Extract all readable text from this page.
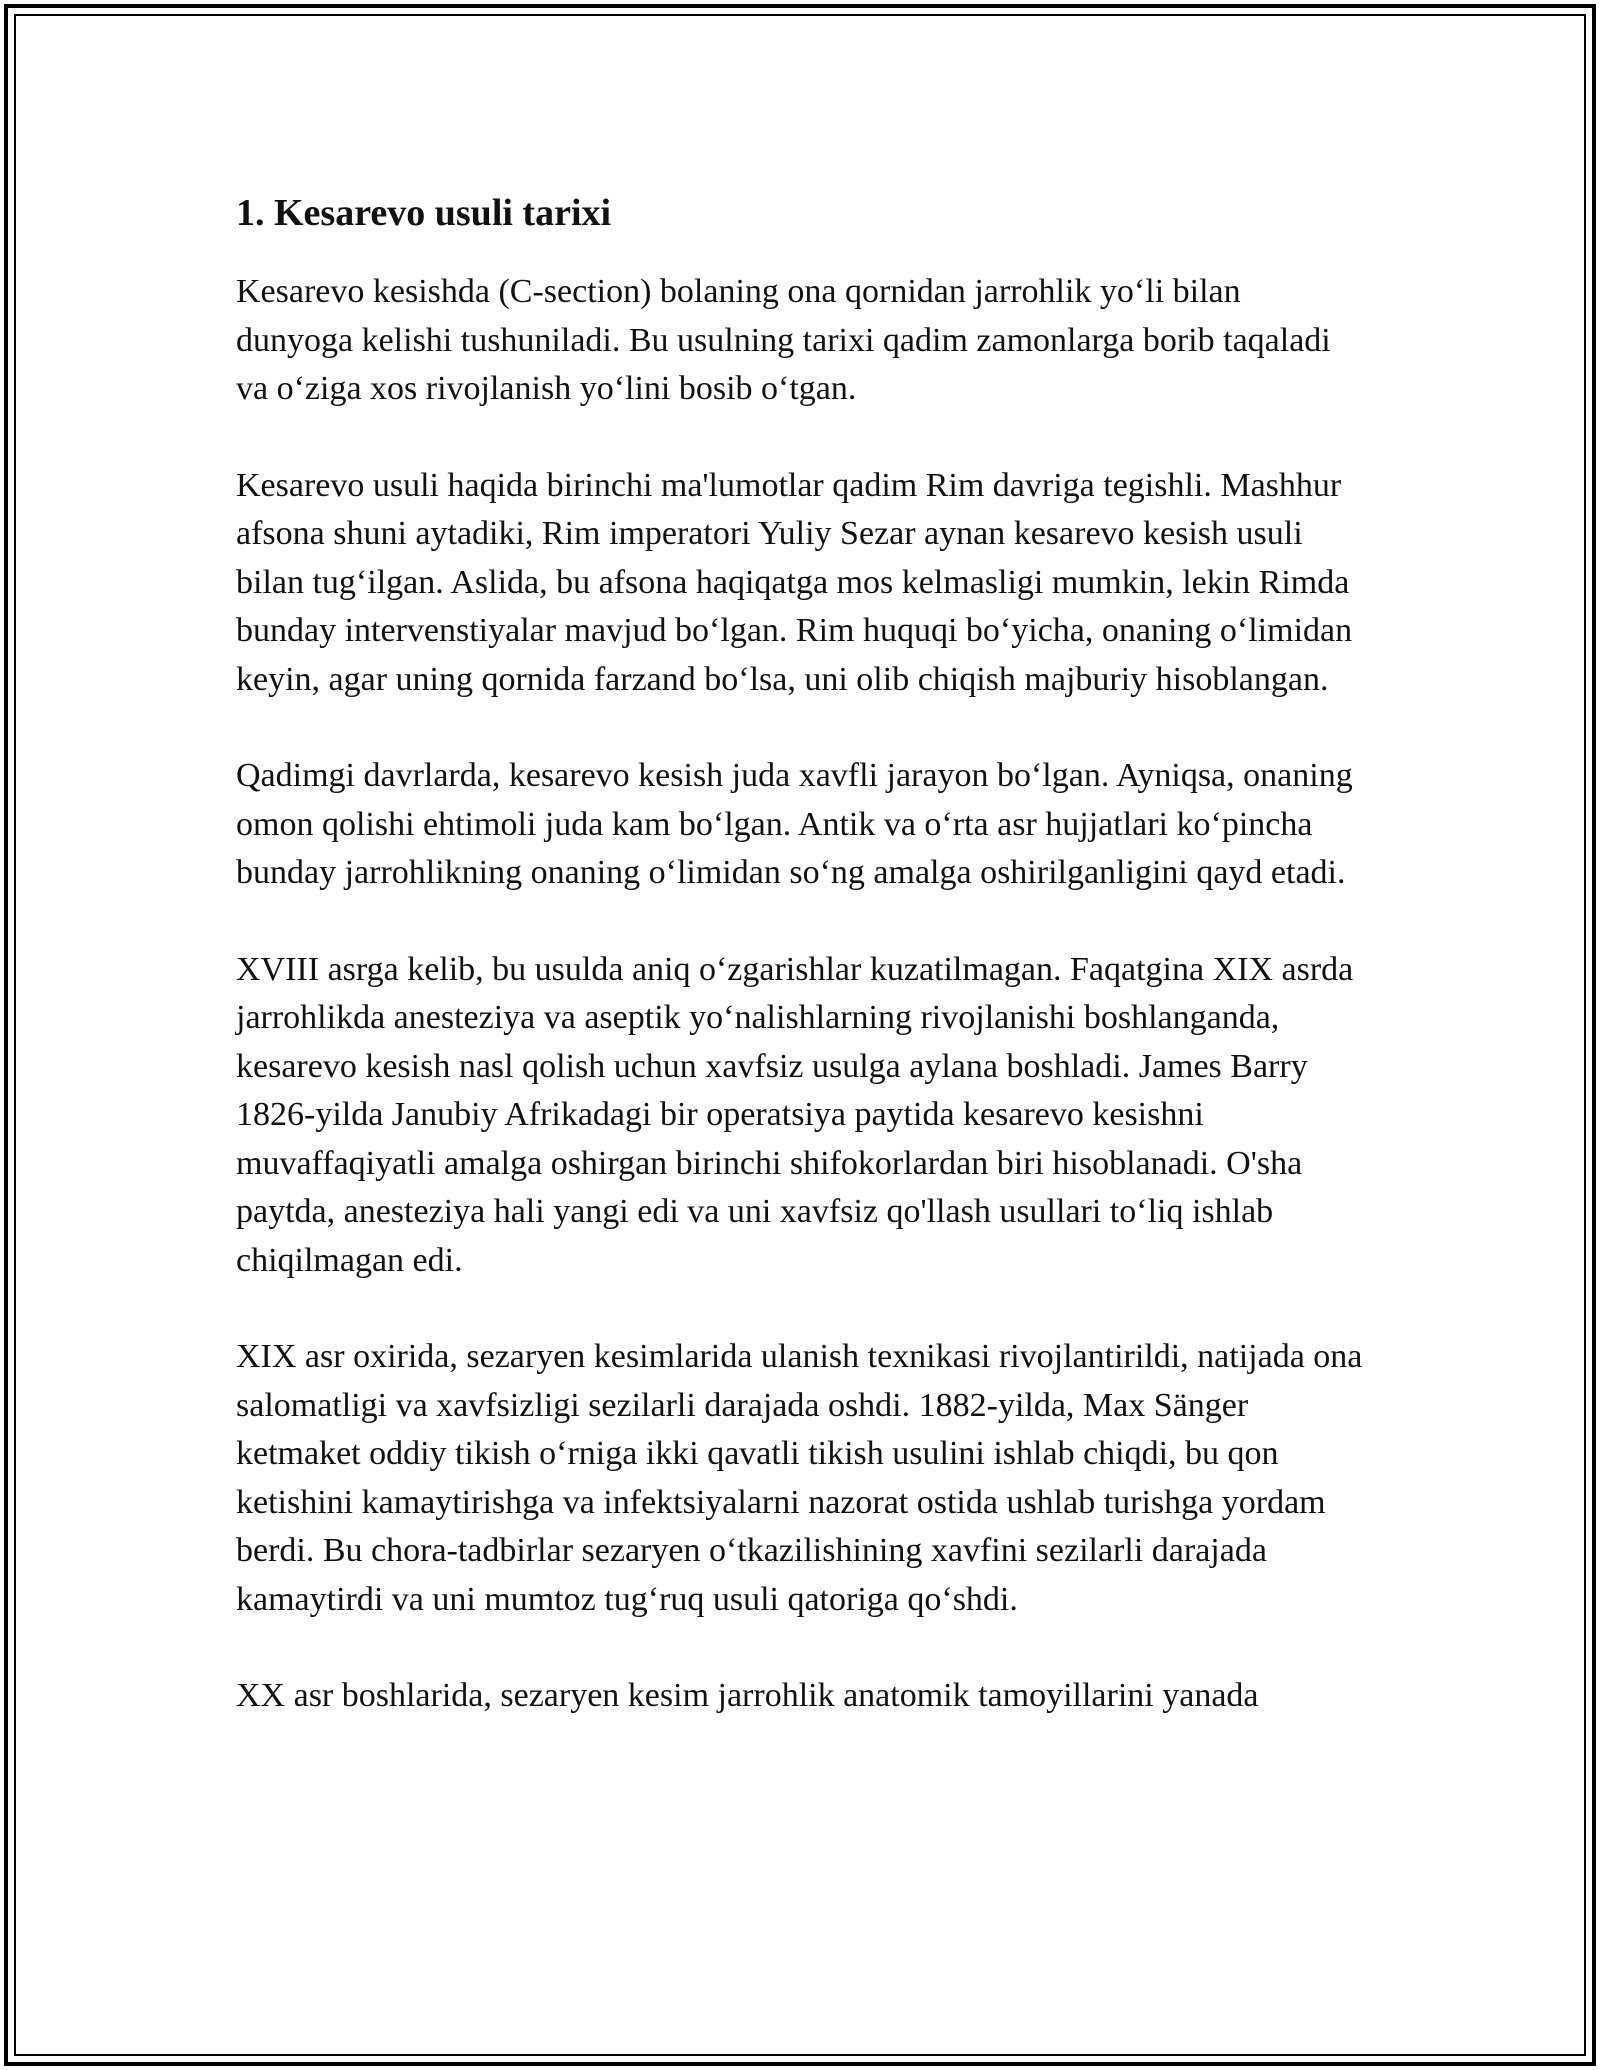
1. Kesarevo usuli tarixi

Kesarevo kesishda (C-section) bolaning ona qornidan jarrohlik yo‘li bilan dunyoga kelishi tushuniladi. Bu usulning tarixi qadim zamonlarga borib taqaladi va o‘ziga xos rivojlanish yo‘lini bosib o‘tgan.

Kesarevo usuli haqida birinchi ma'lumotlar qadim Rim davriga tegishli. Mashhur afsona shuni aytadiki, Rim imperatori Yuliy Sezar aynan kesarevo kesish usuli bilan tug‘ilgan. Aslida, bu afsona haqiqatga mos kelmasligi mumkin, lekin Rimda bunday intervenstiyalar mavjud bo‘lgan. Rim huquqi bo‘yicha, onaning o‘limidan keyin, agar uning qornida farzand bo‘lsa, uni olib chiqish majburiy hisoblangan.

Qadimgi davrlarda, kesarevo kesish juda xavfli jarayon bo‘lgan. Ayniqsa, onaning omon qolishi ehtimoli juda kam bo‘lgan. Antik va o‘rta asr hujjatlari ko‘pincha bunday jarrohlikning onaning o‘limidan so‘ng amalga oshirilganligini qayd etadi.

XVIII asrga kelib, bu usulda aniq o‘zgarishlar kuzatilmagan. Faqatgina XIX asrda jarrohlikda anesteziya va aseptik yo‘nalishlarning rivojlanishi boshlanganda, kesarevo kesish nasl qolish uchun xavfsiz usulga aylana boshladi. James Barry 1826-yilda Janubiy Afrikadagi bir operatsiya paytida kesarevo kesishni muvaffaqiyatli amalga oshirgan birinchi shifokorlardan biri hisoblanadi. O'sha paytda, anesteziya hali yangi edi va uni xavfsiz qo'llash usullari to‘liq ishlab chiqilmagan edi.

XIX asr oxirida, sezaryen kesimlarida ulanish texnikasi rivojlantirildi, natijada ona salomatligi va xavfsizligi sezilarli darajada oshdi. 1882-yilda, Max Sänger ketmaket oddiy tikish o‘rniga ikki qavatli tikish usulini ishlab chiqdi, bu qon ketishini kamaytirishga va infektsiyalarni nazorat ostida ushlab turishga yordam berdi. Bu chora-tadbirlar sezaryen o‘tkazilishining xavfini sezilarli darajada kamaytirdi va uni mumtoz tug‘ruq usuli qatoriga qo‘shdi.

XX asr boshlarida, sezaryen kesim jarrohlik anatomik tamoyillarini yanada
